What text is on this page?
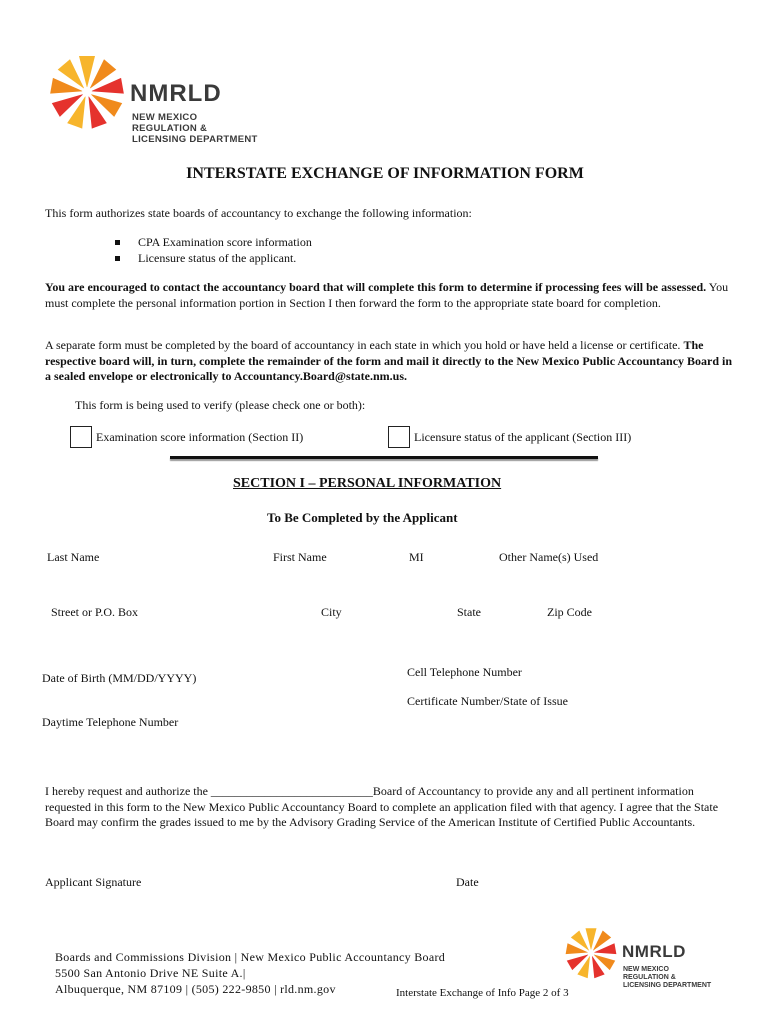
NMRLD
NEW MEXICO
REGULATION &
LICENSING DEPARTMENT
INTERSTATE EXCHANGE OF INFORMATION FORM
This form authorizes state boards of accountancy to exchange the following information:
CPA Examination score information
Licensure status of the applicant.
You are encouraged to contact the accountancy board that will complete this form to determine if processing fees will be assessed. You must complete the personal information portion in Section I then forward the form to the appropriate state board for completion.
A separate form must be completed by the board of accountancy in each state in which you hold or have held a license or certificate. The respective board will, in turn, complete the remainder of the form and mail it directly to the New Mexico Public Accountancy Board in a sealed envelope or electronically to Accountancy.Board@state.nm.us.
This form is being used to verify (please check one or both):
Examination score information (Section II)	Licensure status of the applicant (Section III)
SECTION I – PERSONAL INFORMATION
To Be Completed by the Applicant
Last Name	First Name	MI	Other Name(s) Used
Street or P.O. Box	City	State	Zip Code
Cell Telephone Number
Date of Birth (MM/DD/YYYY)
Certificate Number/State of Issue
Daytime Telephone Number
I hereby request and authorize the ___________________________Board of Accountancy to provide any and all pertinent information requested in this form to the New Mexico Public Accountancy Board to complete an application filed with that agency. I agree that the State Board may confirm the grades issued to me by the Advisory Grading Service of the American Institute of Certified Public Accountants.
Applicant Signature	Date
Boards and Commissions Division | New Mexico Public Accountancy Board
5500 San Antonio Drive NE Suite A.|
Albuquerque, NM 87109 | (505) 222-9850 | rld.nm.gov	Interstate Exchange of Info Page 2 of 3
NMRLD
NEW MEXICO
REGULATION &
LICENSING DEPARTMENT
